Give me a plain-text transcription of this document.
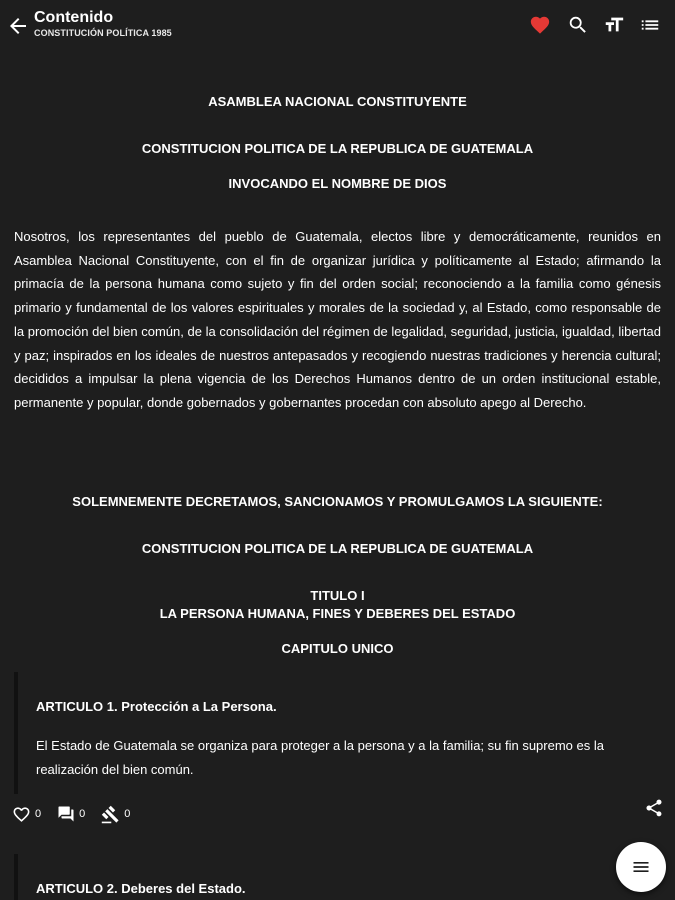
Contenido
CONSTITUCIÓN POLÍTICA 1985
ASAMBLEA NACIONAL CONSTITUYENTE
CONSTITUCION POLITICA DE LA REPUBLICA DE GUATEMALA
INVOCANDO EL NOMBRE DE DIOS
Nosotros, los representantes del pueblo de Guatemala, electos libre y democráticamente, reunidos en Asamblea Nacional Constituyente, con el fin de organizar jurídica y políticamente al Estado; afirmando la primacía de la persona humana como sujeto y fin del orden social; reconociendo a la familia como génesis primario y fundamental de los valores espirituales y morales de la sociedad y, al Estado, como responsable de la promoción del bien común, de la consolidación del régimen de legalidad, seguridad, justicia, igualdad, libertad y paz; inspirados en los ideales de nuestros antepasados y recogiendo nuestras tradiciones y herencia cultural; decididos a impulsar la plena vigencia de los Derechos Humanos dentro de un orden institucional estable, permanente y popular, donde gobernados y gobernantes procedan con absoluto apego al Derecho.
SOLEMNEMENTE DECRETAMOS, SANCIONAMOS Y PROMULGAMOS LA SIGUIENTE:
CONSTITUCION POLITICA DE LA REPUBLICA DE GUATEMALA
TITULO I
LA PERSONA HUMANA, FINES Y DEBERES DEL ESTADO
CAPITULO UNICO
ARTICULO 1. Protección a La Persona.
El Estado de Guatemala se organiza para proteger a la persona y a la familia; su fin supremo es la realización del bien común.
0	0	0
ARTICULO 2. Deberes del Estado.
